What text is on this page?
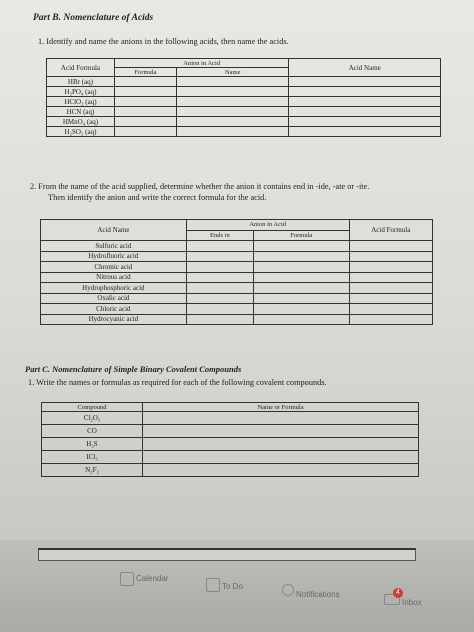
Part B. Nomenclature of Acids
1. Identify and name the anions in the following acids, then name the acids.
Acid Formula	Anion in Acid		Acid Name
	Formula	Name	
HBr (aq)			
H₃PO₄ (aq)			
HClO₂ (aq)			
HCN (aq)			
HMnO₄ (aq)			
H₂SO₃ (aq)			
2. From the name of the acid supplied, determine whether the anion it contains end in -ide, -ate or -ite.
Then identify the anion and write the correct formula for the acid.
Acid Name	Anion in Acid		Acid Formula
	Ends in	Formula	
Sulfuric acid			
Hydrofluoric acid			
Chromic acid			
Nitrous acid			
Hydrophosphoric acid			
Oxalic acid			
Chloric acid			
Hydrocyanic acid			
Part C. Nomenclature of Simple Binary Covalent Compounds
1. Write the names or formulas as required for each of the following covalent compounds.
Compound	Name or Formula
Cl₂O₅	
CO	
H₂S	
ICl₃	
N₂F₂	
Calendar
To Do
Notifications	4
Inbox
